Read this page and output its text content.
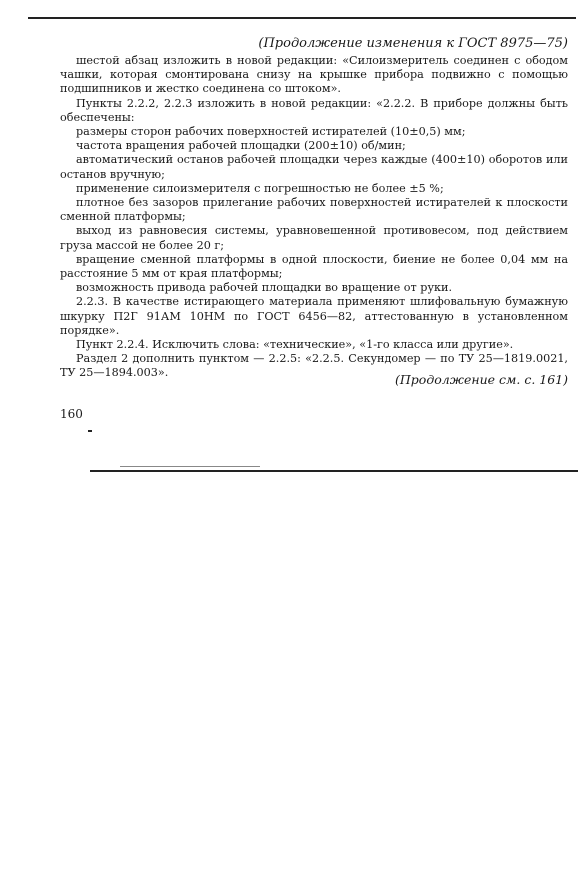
(Продолжение изменения к ГОСТ 8975—75)

шестой абзац изложить в новой редакции: «Силоизмеритель соединен с ободом чашки, которая смонтирована снизу на крышке прибора подвижно с помощью подшипников и жестко соединена со штоком».

Пункты 2.2.2, 2.2.3 изложить в новой редакции: «2.2.2. В приборе должны быть обеспечены:

размеры сторон рабочих поверхностей истирателей (10±0,5) мм;

частота вращения рабочей площадки (200±10) об/мин;

автоматический останов рабочей площадки через каждые (400±10) оборотов или останов вручную;

применение силоизмерителя с погрешностью не более ±5 %;

плотное без зазоров прилегание рабочих поверхностей истирателей к плоскости сменной платформы;

выход из равновесия системы, уравновешенной противовесом, под действием груза массой не более 20 г;

вращение сменной платформы в одной плоскости, биение не более 0,04 мм на расстояние 5 мм от края платформы;

возможность привода рабочей площадки во вращение от руки.

2.2.3. В качестве истирающего материала применяют шлифовальную бумажную шкурку П2Г 91АМ 10НМ по ГОСТ 6456—82, аттестованную в установленном порядке».

Пункт 2.2.4. Исключить слова: «технические», «1-го класса или другие».

Раздел 2 дополнить пунктом — 2.2.5: «2.2.5. Секундомер — по ТУ 25—1819.0021, ТУ 25—1894.003».	(Продолжение см. с. 161)
160
